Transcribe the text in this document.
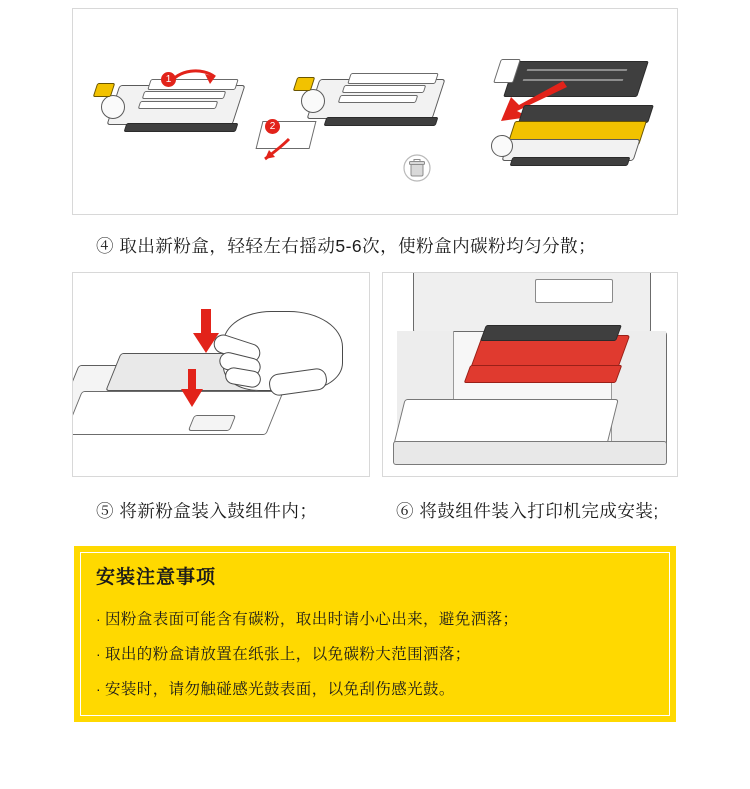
1
2
④ 取出新粉盒，轻轻左右摇动5-6次，使粉盒内碳粉均匀分散；
⑤ 将新粉盒装入鼓组件内；	⑥ 将鼓组件装入打印机完成安装;
安装注意事项
· 因粉盒表面可能含有碳粉，取出时请小心出来，避免洒落；
· 取出的粉盒请放置在纸张上，以免碳粉大范围洒落；
· 安装时，请勿触碰感光鼓表面，以免刮伤感光鼓。
